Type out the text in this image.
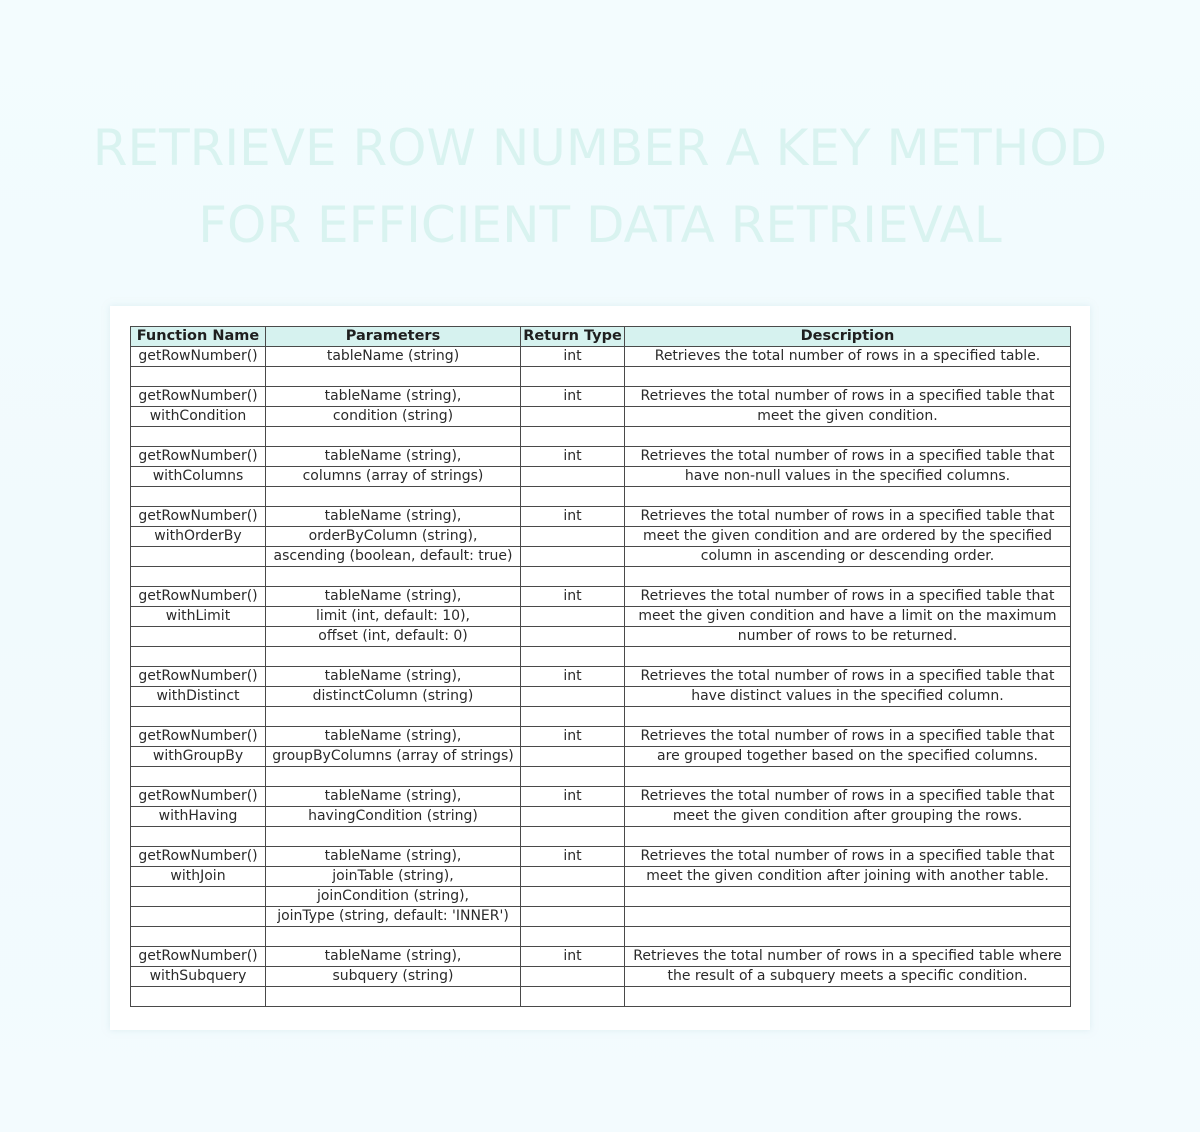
RETRIEVE ROW NUMBER A KEY METHOD
FOR EFFICIENT DATA RETRIEVAL
Function Name	Parameters	Return Type	Description
getRowNumber()	tableName (string)	int	Retrieves the total number of rows in a specified table.

getRowNumber()	tableName (string),	int	Retrieves the total number of rows in a specified table that
withCondition	condition (string)		meet the given condition.

getRowNumber()	tableName (string),	int	Retrieves the total number of rows in a specified table that
withColumns	columns (array of strings)		have non-null values in the specified columns.

getRowNumber()	tableName (string),	int	Retrieves the total number of rows in a specified table that
withOrderBy	orderByColumn (string),		meet the given condition and are ordered by the specified
	ascending (boolean, default: true)		column in ascending or descending order.

getRowNumber()	tableName (string),	int	Retrieves the total number of rows in a specified table that
withLimit	limit (int, default: 10),		meet the given condition and have a limit on the maximum
	offset (int, default: 0)		number of rows to be returned.

getRowNumber()	tableName (string),	int	Retrieves the total number of rows in a specified table that
withDistinct	distinctColumn (string)		have distinct values in the specified column.

getRowNumber()	tableName (string),	int	Retrieves the total number of rows in a specified table that
withGroupBy	groupByColumns (array of strings)		are grouped together based on the specified columns.

getRowNumber()	tableName (string),	int	Retrieves the total number of rows in a specified table that
withHaving	havingCondition (string)		meet the given condition after grouping the rows.

getRowNumber()	tableName (string),	int	Retrieves the total number of rows in a specified table that
withJoin	joinTable (string),		meet the given condition after joining with another table.
	joinCondition (string),		
	joinType (string, default: 'INNER')		

getRowNumber()	tableName (string),	int	Retrieves the total number of rows in a specified table where
withSubquery	subquery (string)		the result of a subquery meets a specific condition.
